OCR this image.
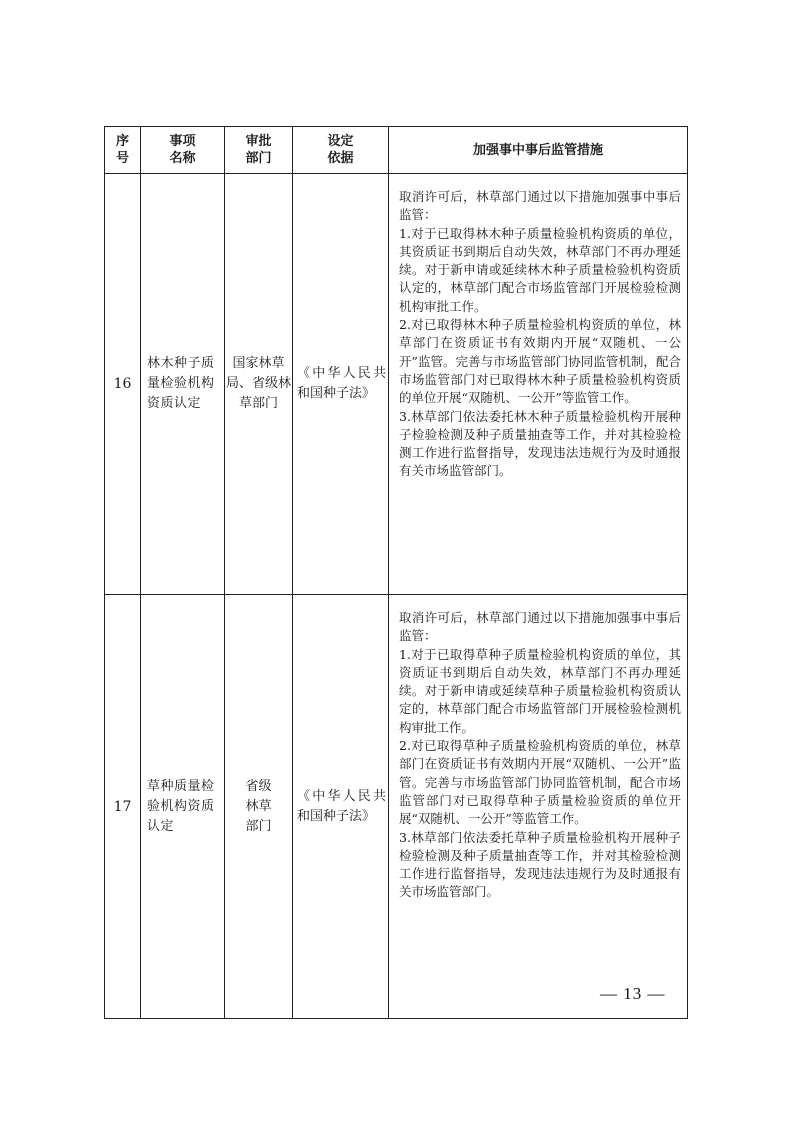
序号	事项名称	审批部门	设定依据	加强事中事后监管措施
16	林木种子质量检验机构资质认定	国家林草局、省级林草部门	《中华人民共和国种子法》	取消许可后，林草部门通过以下措施加强事中事后监管：
1.对于已取得林木种子质量检验机构资质的单位，其资质证书到期后自动失效，林草部门不再办理延续。对于新申请或延续林木种子质量检验机构资质认定的，林草部门配合市场监管部门开展检验检测机构审批工作。
2.对已取得林木种子质量检验机构资质的单位，林草部门在资质证书有效期内开展“双随机、一公开”监管。完善与市场监管部门协同监管机制，配合市场监管部门对已取得林木种子质量检验机构资质的单位开展“双随机、一公开”等监管工作。
3.林草部门依法委托林木种子质量检验机构开展种子检验检测及种子质量抽查等工作，并对其检验检测工作进行监督指导，发现违法违规行为及时通报有关市场监管部门。

17	草种质量检验机构资质认定	省级林草部门	《中华人民共和国种子法》	取消许可后，林草部门通过以下措施加强事中事后监管：
1.对于已取得草种子质量检验机构资质的单位，其资质证书到期后自动失效，林草部门不再办理延续。对于新申请或延续草种子质量检验机构资质认定的，林草部门配合市场监管部门开展检验检测机构审批工作。
2.对已取得草种子质量检验机构资质的单位，林草部门在资质证书有效期内开展“双随机、一公开”监管。完善与市场监管部门协同监管机制，配合市场监管部门对已取得草种子质量检验资质的单位开展“双随机、一公开”等监管工作。
3.林草部门依法委托草种子质量检验机构开展种子检验检测及种子质量抽查等工作，并对其检验检测工作进行监督指导，发现违法违规行为及时通报有关市场监管部门。
— 13 —
